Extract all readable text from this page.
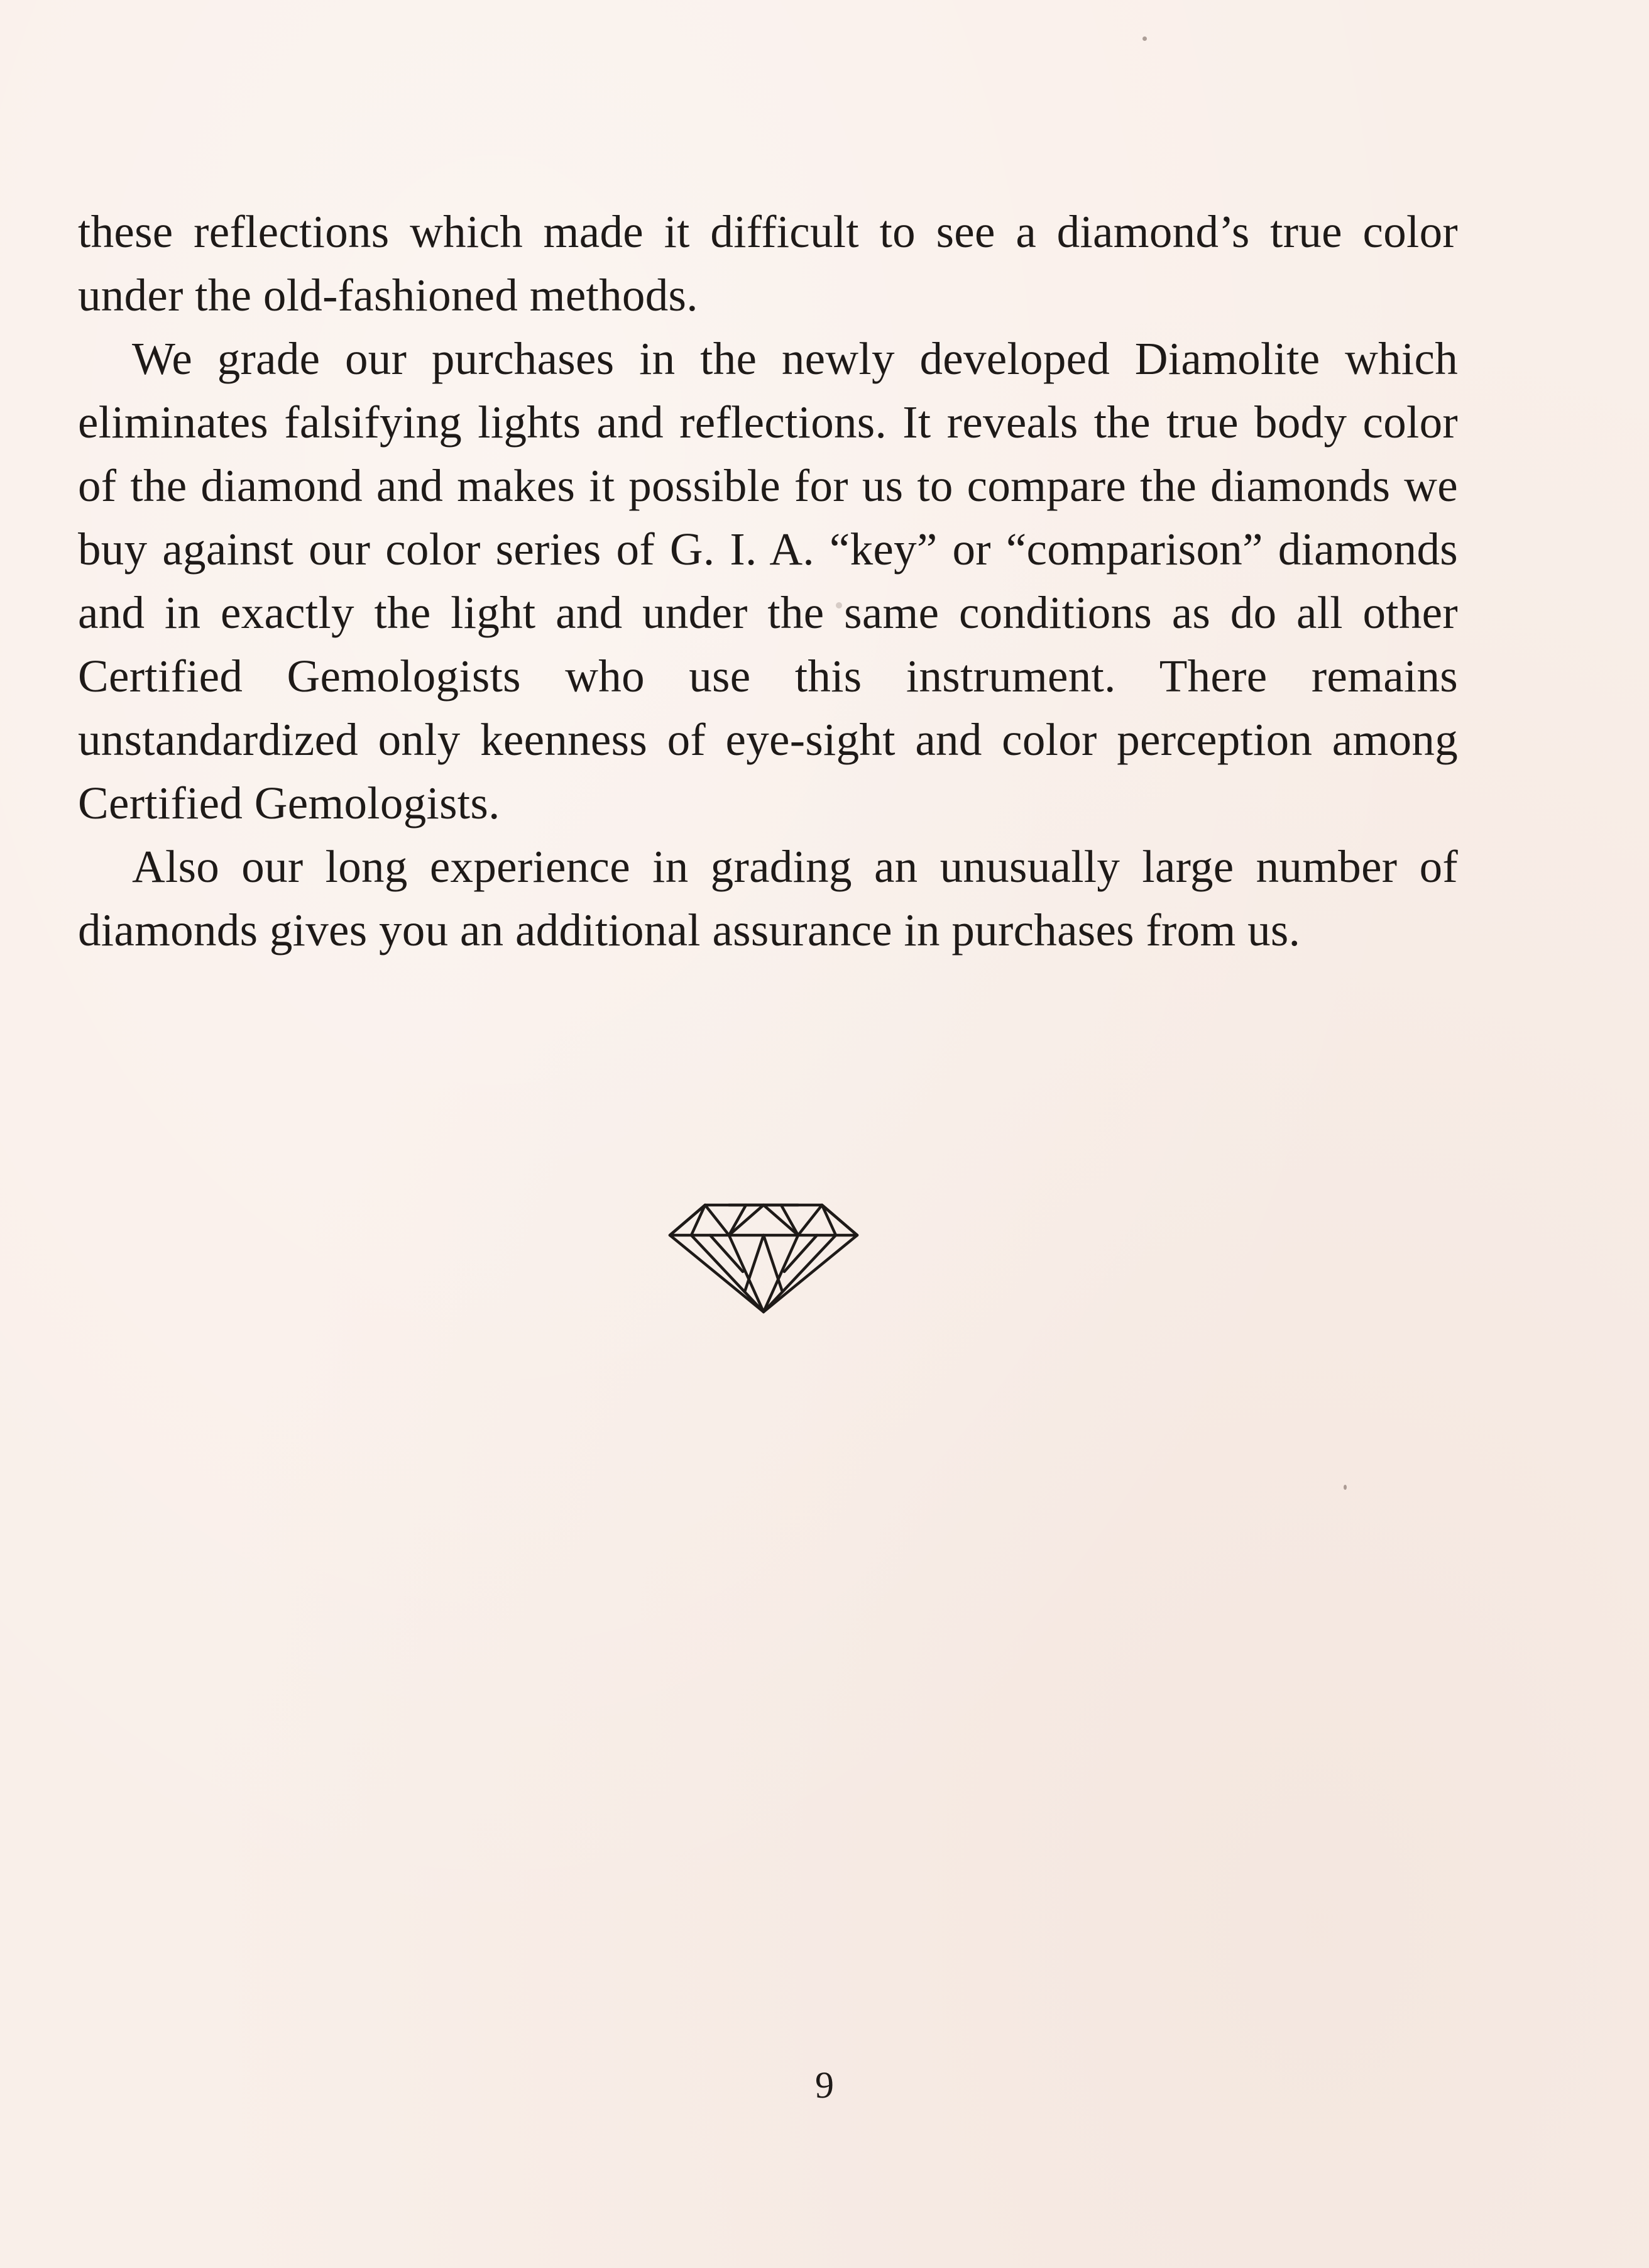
these reflections which made it difficult to see a diamond’s true color under the old-fashioned methods.

We grade our purchases in the newly developed Diamolite which eliminates falsifying lights and reflections. It reveals the true body color of the diamond and makes it possible for us to compare the diamonds we buy against our color series of G. I. A. “key” or “comparison” diamonds and in exactly the light and under the same conditions as do all other Certified Gemologists who use this instrument. There remains unstandardized only keenness of eye-sight and color perception among Certified Gemologists.

Also our long experience in grading an unusually large number of diamonds gives you an additional assurance in purchases from us.

9
